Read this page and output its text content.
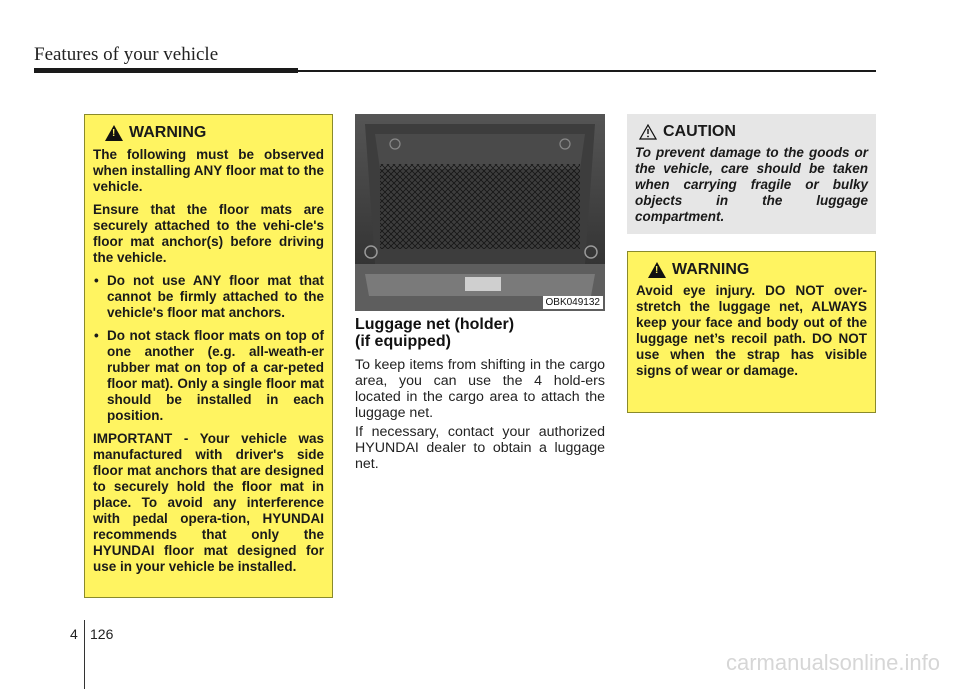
Features of your vehicle
! WARNING

The following must be observed when installing ANY floor mat to the vehicle.

Ensure that the floor mats are securely attached to the vehi-cle's floor mat anchor(s) before driving the vehicle.

• Do not use ANY floor mat that cannot be firmly attached to the vehicle's floor mat anchors.

• Do not stack floor mats on top of one another (e.g. all-weath-er rubber mat on top of a car-peted floor mat). Only a single floor mat should be installed in each position.

IMPORTANT - Your vehicle was manufactured with driver's side floor mat anchors that are designed to securely hold the floor mat in place. To avoid any interference with pedal opera-tion, HYUNDAI recommends that only the HYUNDAI floor mat designed for use in your vehicle be installed.

OBK049132
Luggage net (holder)
(if equipped)
To keep items from shifting in the cargo area, you can use the 4 hold-ers located in the cargo area to attach the luggage net.
If necessary, contact your authorized HYUNDAI dealer to obtain a luggage net.
CAUTION

To prevent damage to the goods or the vehicle, care should be taken when carrying fragile or bulky objects in the luggage compartment.

! WARNING

Avoid eye injury. DO NOT over-stretch the luggage net, ALWAYS keep your face and body out of the luggage net’s recoil path. DO NOT use when the strap has visible signs of wear or damage.

4 126
carmanualsonline.info
